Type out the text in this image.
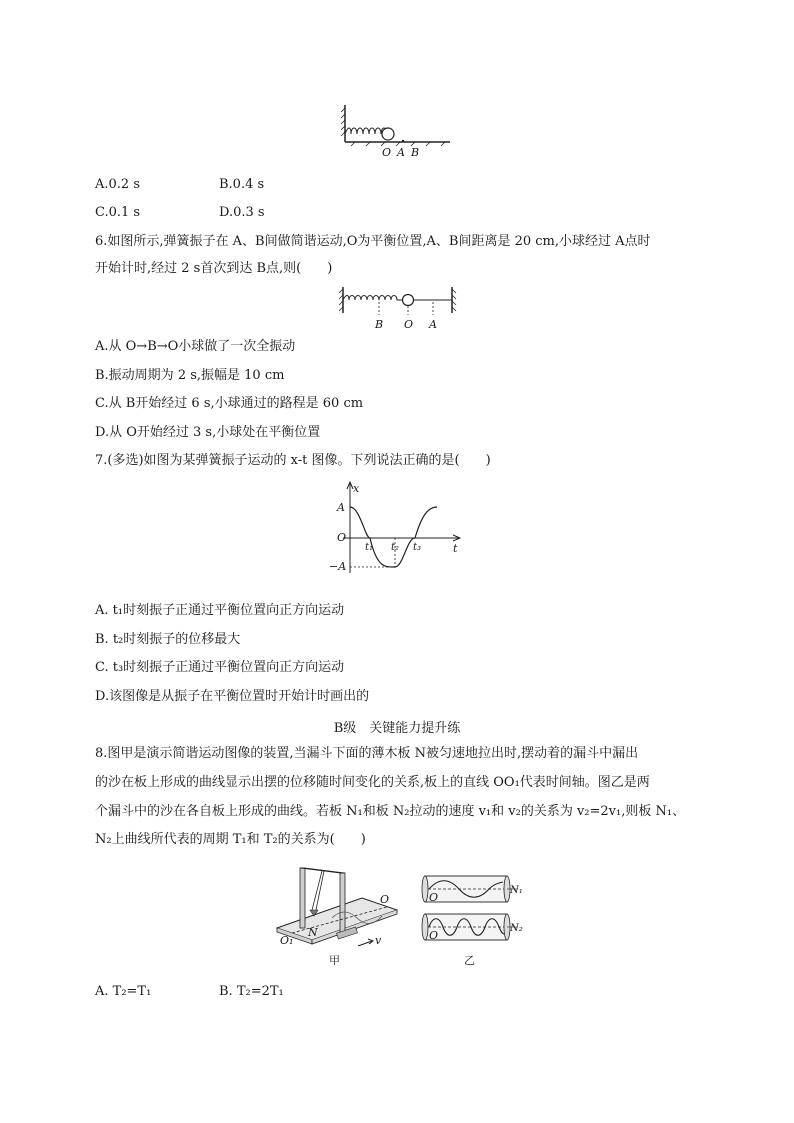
O A B
A.0.2 s	B.0.4 s
C.0.1 s	D.0.3 s
6.如图所示,弹簧振子在 A、B间做简谐运动,O为平衡位置,A、B间距离是 20 cm,小球经过 A点时
开始计时,经过 2 s首次到达 B点,则(　　)
B O A
A.从 O→B→O小球做了一次全振动
B.振动周期为 2 s,振幅是 10 cm
C.从 B开始经过 6 s,小球通过的路程是 60 cm
D.从 O开始经过 3 s,小球处在平衡位置
7.(多选)如图为某弹簧振子运动的 x-t 图像。下列说法正确的是(　　)
x
t
O
A
−A
t₁ t₂ t₃
A. t₁时刻振子正通过平衡位置向正方向运动
B. t₂时刻振子的位移最大
C. t₃时刻振子正通过平衡位置向正方向运动
D.该图像是从振子在平衡位置时开始计时画出的
B级　关键能力提升练
8.图甲是演示简谐运动图像的装置,当漏斗下面的薄木板 N被匀速地拉出时,摆动着的漏斗中漏出
的沙在板上形成的曲线显示出摆的位移随时间变化的关系,板上的直线 OO₁代表时间轴。图乙是两
个漏斗中的沙在各自板上形成的曲线。若板 N₁和板 N₂拉动的速度 v₁和 v₂的关系为 v₂=2v₁,则板 N₁、
N₂上曲线所代表的周期 T₁和 T₂的关系为(　　)
O
O₁
N
v
甲
N₁
O
N₂
O
乙
A. T₂=T₁	B. T₂=2T₁
